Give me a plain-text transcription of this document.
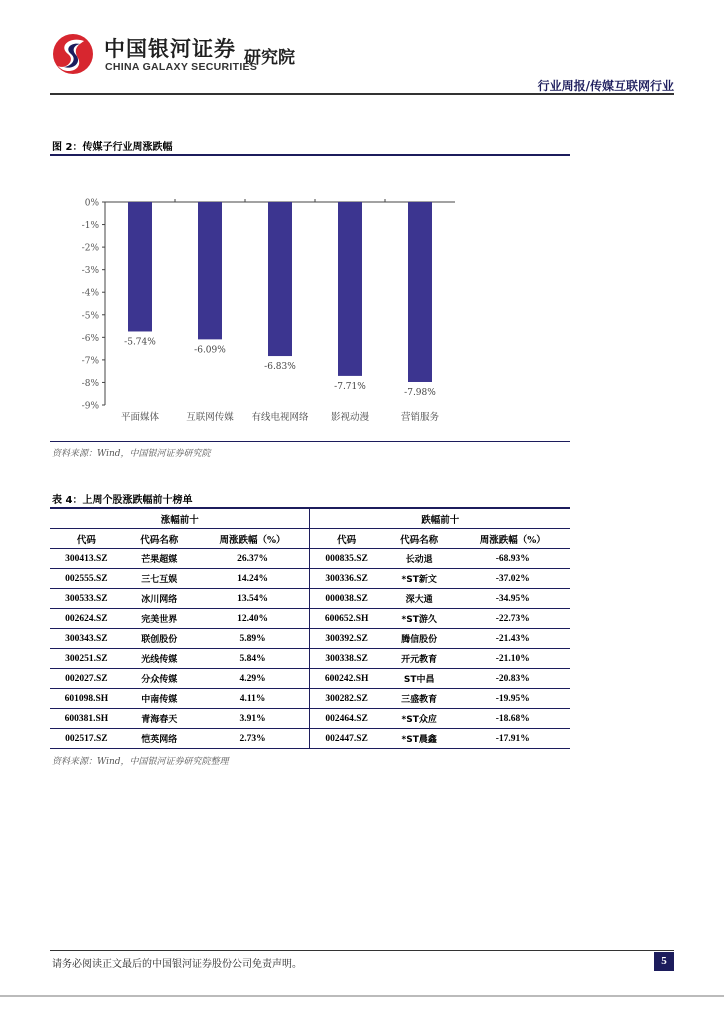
中国银河证券
CHINA GALAXY SECURITIES
研究院
行业周报/传媒互联网行业
图 2：传媒子行业周涨跌幅
0%
-1%
-2%
-3%
-4%
-5%
-6%
-7%
-8%
-9%
-5.74%
平面媒体
-6.09%
互联网传媒
-6.83%
有线电视网络
-7.71%
影视动漫
-7.98%
营销服务
资料来源：Wind，中国银河证券研究院
表 4：上周个股涨跌幅前十榜单
涨幅前十			跌幅前十		
代码	代码名称	周涨跌幅（%）	代码	代码名称	周涨跌幅（%）
300413.SZ	芒果超媒	26.37%	000835.SZ	长动退	-68.93%
002555.SZ	三七互娱	14.24%	300336.SZ	*ST新文	-37.02%
300533.SZ	冰川网络	13.54%	000038.SZ	深大通	-34.95%
002624.SZ	完美世界	12.40%	600652.SH	*ST游久	-22.73%
300343.SZ	联创股份	5.89%	300392.SZ	腾信股份	-21.43%
300251.SZ	光线传媒	5.84%	300338.SZ	开元教育	-21.10%
002027.SZ	分众传媒	4.29%	600242.SH	ST中昌	-20.83%
601098.SH	中南传媒	4.11%	300282.SZ	三盛教育	-19.95%
600381.SH	青海春天	3.91%	002464.SZ	*ST众应	-18.68%
002517.SZ	恺英网络	2.73%	002447.SZ	*ST晨鑫	-17.91%
资料来源：Wind，中国银河证券研究院整理
请务必阅读正文最后的中国银河证券股份公司免责声明。	5
